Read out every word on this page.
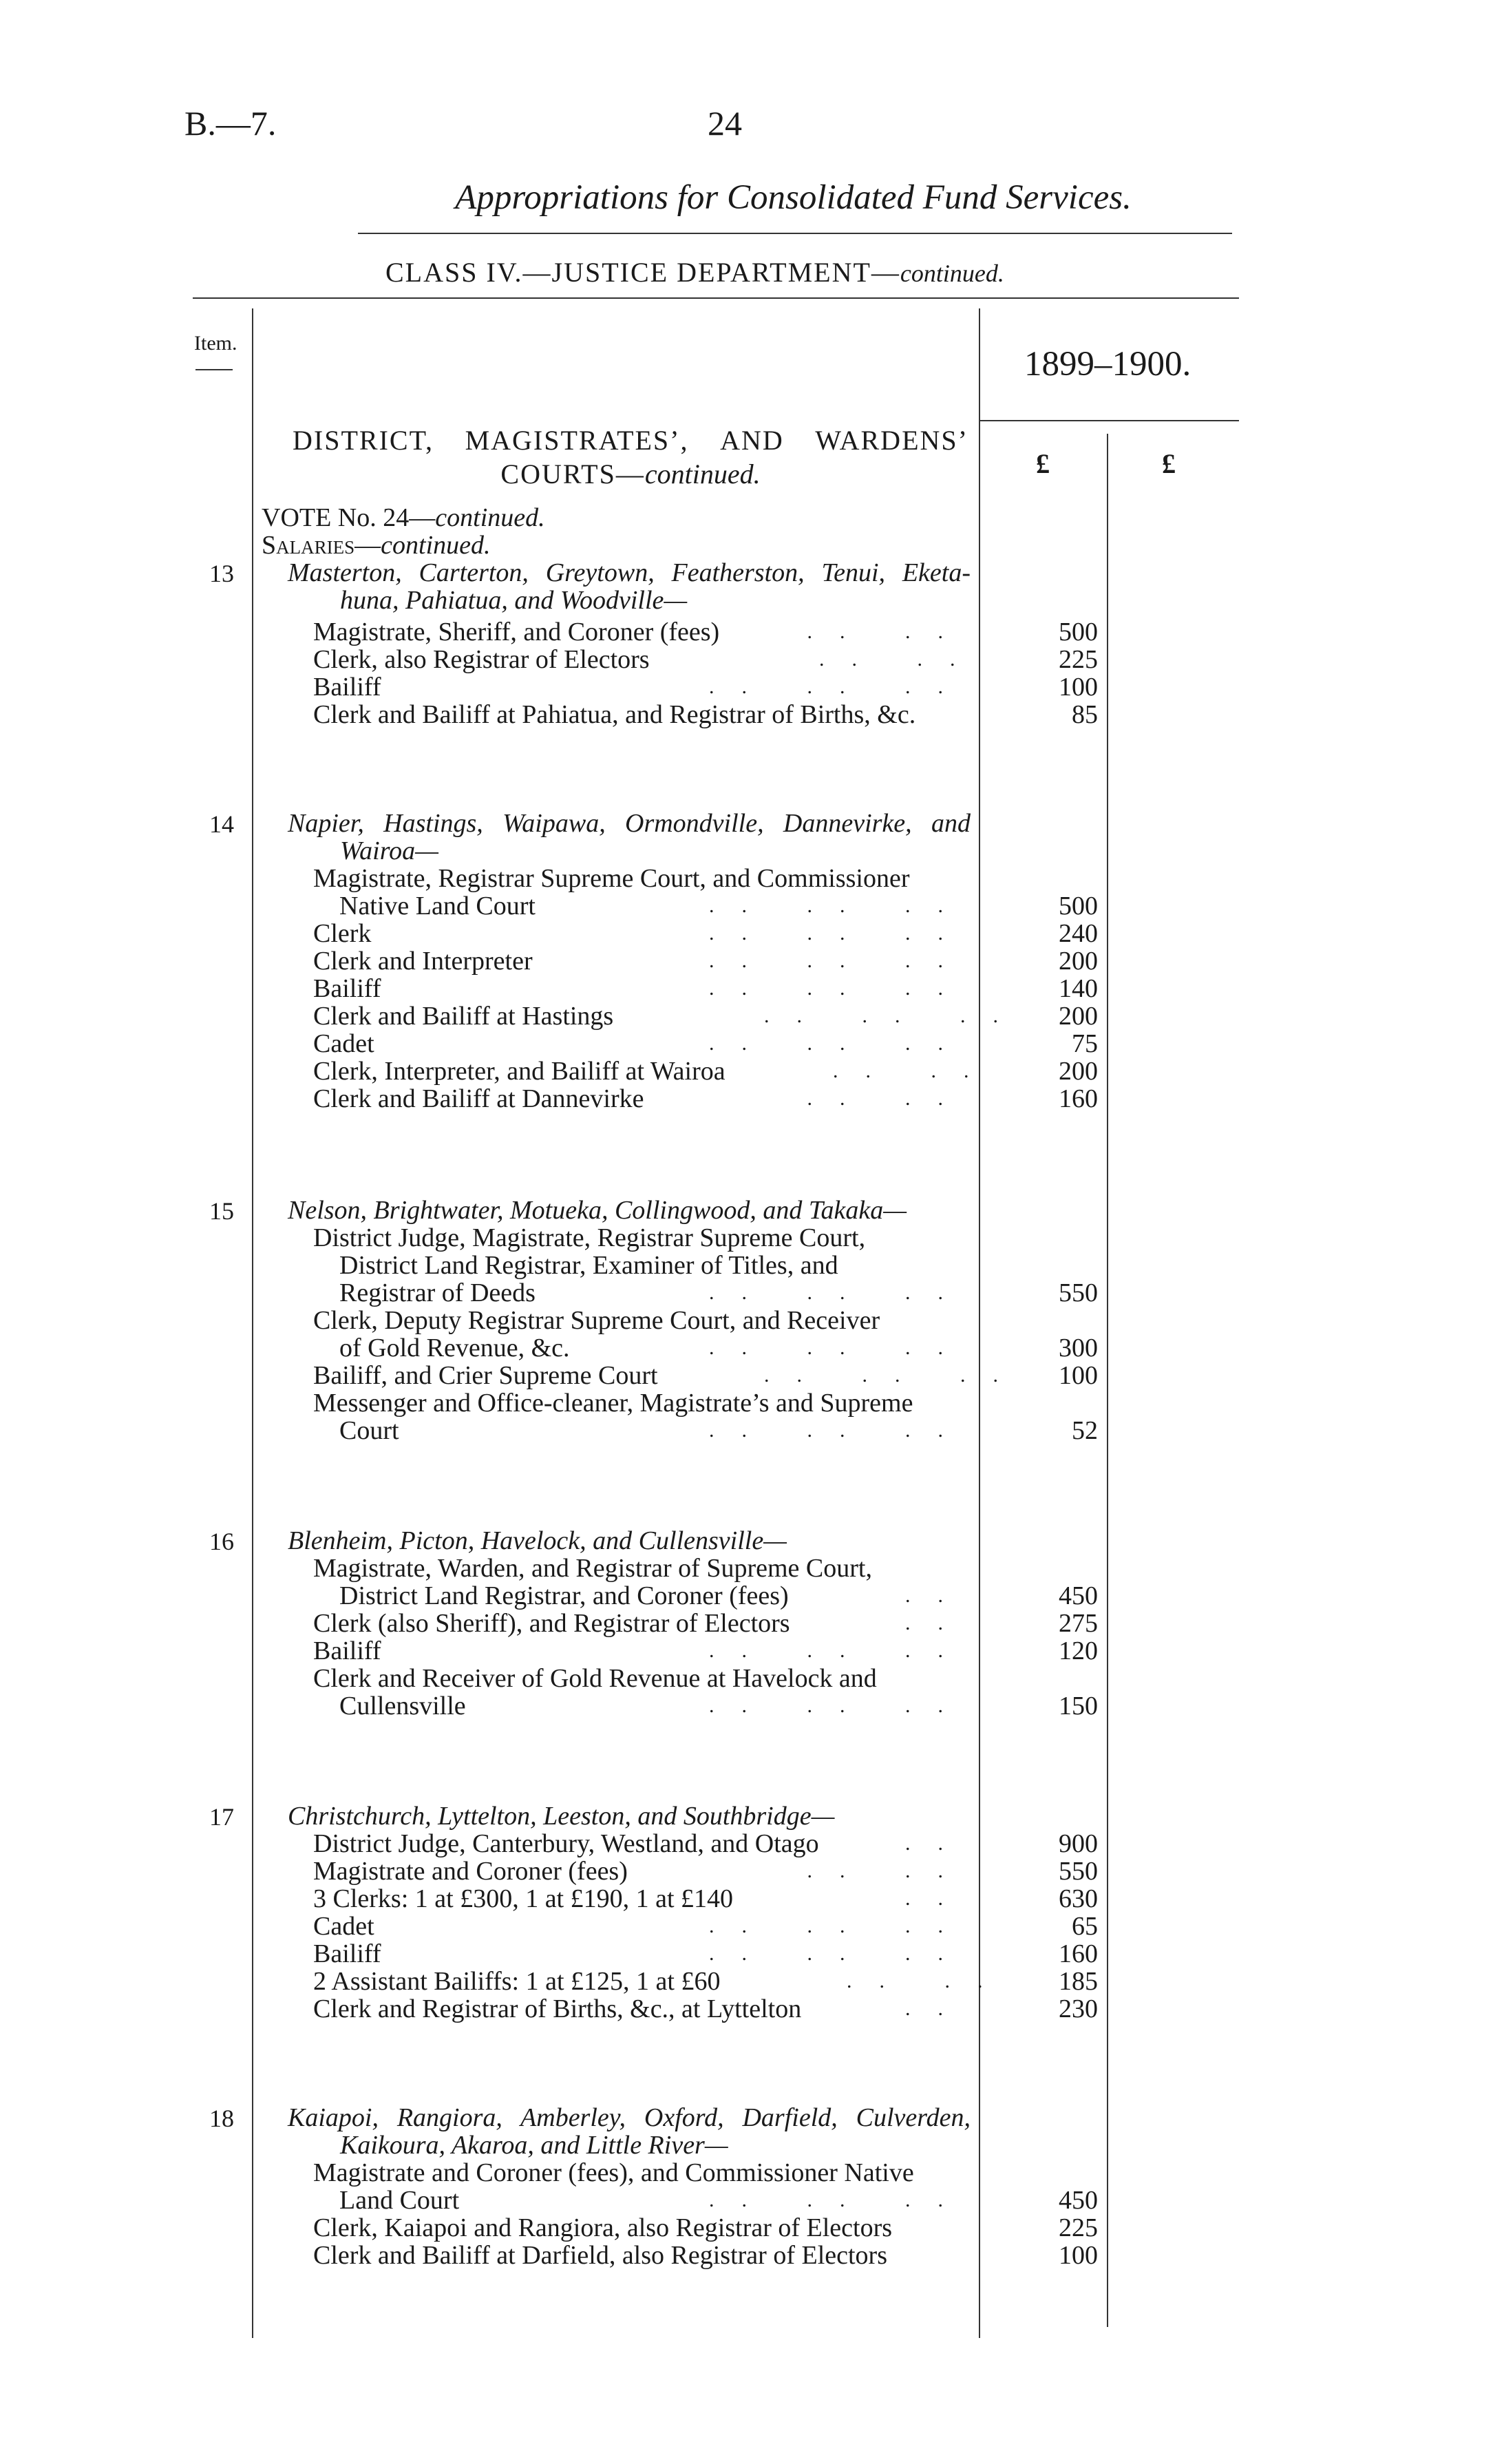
B.—7.	24
Appropriations for Consolidated Fund Services.
CLASS IV.—JUSTICE DEPARTMENT—continued.
Item.
1899–1900.
£	£
DISTRICT, MAGISTRATES’, AND WARDENS’
COURTS—continued.
VOTE No. 24—continued.
Salaries—continued.
13 Masterton, Carterton, Greytown, Featherston, Tenui, Eketa-
huna, Pahiatua, and Woodville—
Magistrate, Sheriff, and Coroner (fees)	.. ..	500
Clerk, also Registrar of Electors	.. ..	225
Bailiff	.. .. ..	100
Clerk and Bailiff at Pahiatua, and Registrar of Births, &c.	85
14 Napier, Hastings, Waipawa, Ormondville, Dannevirke, and
Wairoa—
Magistrate, Registrar Supreme Court, and Commissioner
Native Land Court	.. .. ..	500
Clerk	.. .. ..	240
Clerk and Interpreter	.. .. ..	200
Bailiff	.. .. ..	140
Clerk and Bailiff at Hastings	.. .. ..	200
Cadet	.. .. ..	75
Clerk, Interpreter, and Bailiff at Wairoa	.. ..	200
Clerk and Bailiff at Dannevirke	.. ..	160
15 Nelson, Brightwater, Motueka, Collingwood, and Takaka—
District Judge, Magistrate, Registrar Supreme Court,
District Land Registrar, Examiner of Titles, and
Registrar of Deeds	.. .. ..	550
Clerk, Deputy Registrar Supreme Court, and Receiver
of Gold Revenue, &c.	.. .. ..	300
Bailiff, and Crier Supreme Court	.. .. ..	100
Messenger and Office-cleaner, Magistrate’s and Supreme
Court	.. .. ..	52
16 Blenheim, Picton, Havelock, and Cullensville—
Magistrate, Warden, and Registrar of Supreme Court,
District Land Registrar, and Coroner (fees)	..	450
Clerk (also Sheriff), and Registrar of Electors	..	275
Bailiff	.. .. ..	120
Clerk and Receiver of Gold Revenue at Havelock and
Cullensville	.. .. ..	150
17 Christchurch, Lyttelton, Leeston, and Southbridge—
District Judge, Canterbury, Westland, and Otago	..	900
Magistrate and Coroner (fees)	.. ..	550
3 Clerks: 1 at £300, 1 at £190, 1 at £140	..	630
Cadet	.. .. ..	65
Bailiff	.. .. ..	160
2 Assistant Bailiffs: 1 at £125, 1 at £60	.. ..	185
Clerk and Registrar of Births, &c., at Lyttelton	..	230
18 Kaiapoi, Rangiora, Amberley, Oxford, Darfield, Culverden,
Kaikoura, Akaroa, and Little River—
Magistrate and Coroner (fees), and Commissioner Native
Land Court	.. .. ..	450
Clerk, Kaiapoi and Rangiora, also Registrar of Electors	225
Clerk and Bailiff at Darfield, also Registrar of Electors	100
